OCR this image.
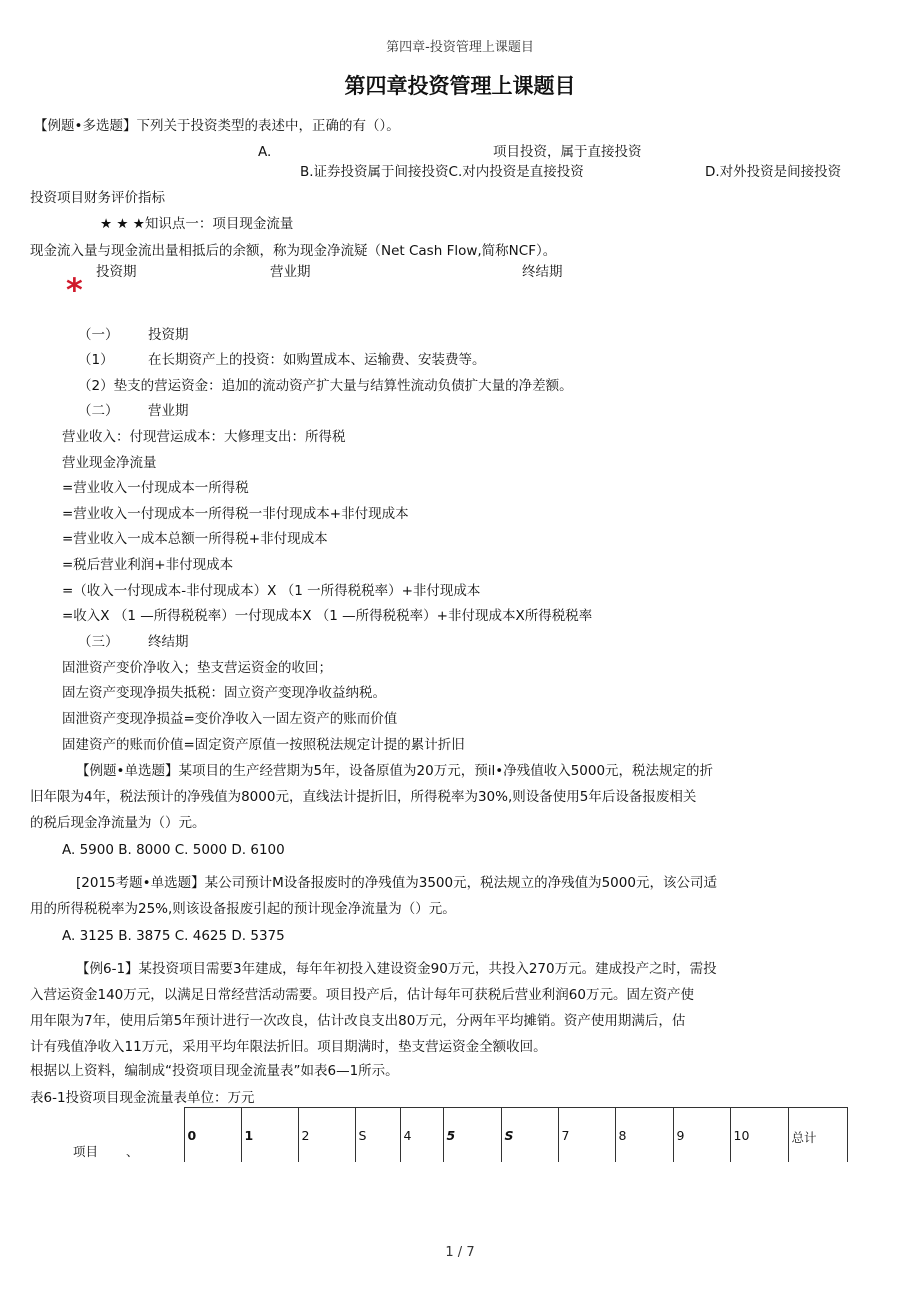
第四章-投资管理上课题目
第四章投资管理上课题目
【例题•多选题】下列关于投资类型的表述中，正确的有（）。
A.	项目投资，属于直接投资
B.证券投资属于间接投资C.对内投资是直接投资	D.对外投资是间接投资
投资项目财务评价指标
★ ★ ★知识点一：项目现金流量
现金流入量与现金流出量相抵后的余额，称为现金净流疑（Net Cash Flow,简称NCF）。
投资期	营业期	终结期
*
（一） 投资期
（1）	在长期资产上的投资：如购置成本、运输费、安装费等。
（2）垫支的营运资金：追加的流动资产扩大量与结算性流动负债扩大量的净差额。
（二） 营业期
营业收入：付现营运成本：大修理支出：所得税
营业现金净流量
=营业收入一付现成本一所得税
=营业收入一付现成本一所得税一非付现成本+非付现成本
=营业收入一成本总额一所得税+非付现成本
=税后营业利润+非付现成本
=（收入一付现成本-非付现成本）X （1 一所得税税率）+非付现成本
=收入X （1 —所得税税率）一付现成本X （1 —所得税税率）+非付现成本X所得税税率
（三） 终结期
固泄资产变价净收入；垫支营运资金的收回；
固左资产变现净损失抵税：固立资产变现净收益纳税。
固泄资产变现净损益=变价净收入一固左资产的账而价值
固建资产的账而价值=固定资产原值一按照税法规定计提的累计折旧
【例题•单选题】某项目的生产经营期为5年，设备原值为20万元，预il•净残值收入5000元，税法规定的折
旧年限为4年，税法预计的净残值为8000元，直线法计提折旧，所得税率为30%,则设备使用5年后设备报废相关
的税后现金净流量为（）元。
A. 5900 B. 8000 C. 5000 D. 6100
[2015考题•单选题】某公司预计M设备报废时的净残值为3500元，税法规立的净残值为5000元，该公司适
用的所得税税率为25%,则该设备报废引起的预计现金净流量为（）元。
A. 3125 B. 3875 C. 4625 D. 5375
【例6-1】某投资项目需要3年建成，每年年初投入建设资金90万元，共投入270万元。建成投产之时，需投
入营运资金140万元，以满足日常经营活动需要。项目投产后，估计每年可获税后营业利润60万元。固左资产使
用年限为7年，使用后第5年预计进行一次改良，估计改良支出80万元，分两年平均摊销。资产使用期满后，估
计有残值净收入11万元，采用平均年限法折旧。项目期满时，垫支营运资金全额收回。
根据以上资料，编制成“投资项目现金流量表”如表6—1所示。
表6-1投资项目现金流量表单位：万元
项目 、	0	1	2	S	4	5	S	7	8	9	10	总计
1 / 7
